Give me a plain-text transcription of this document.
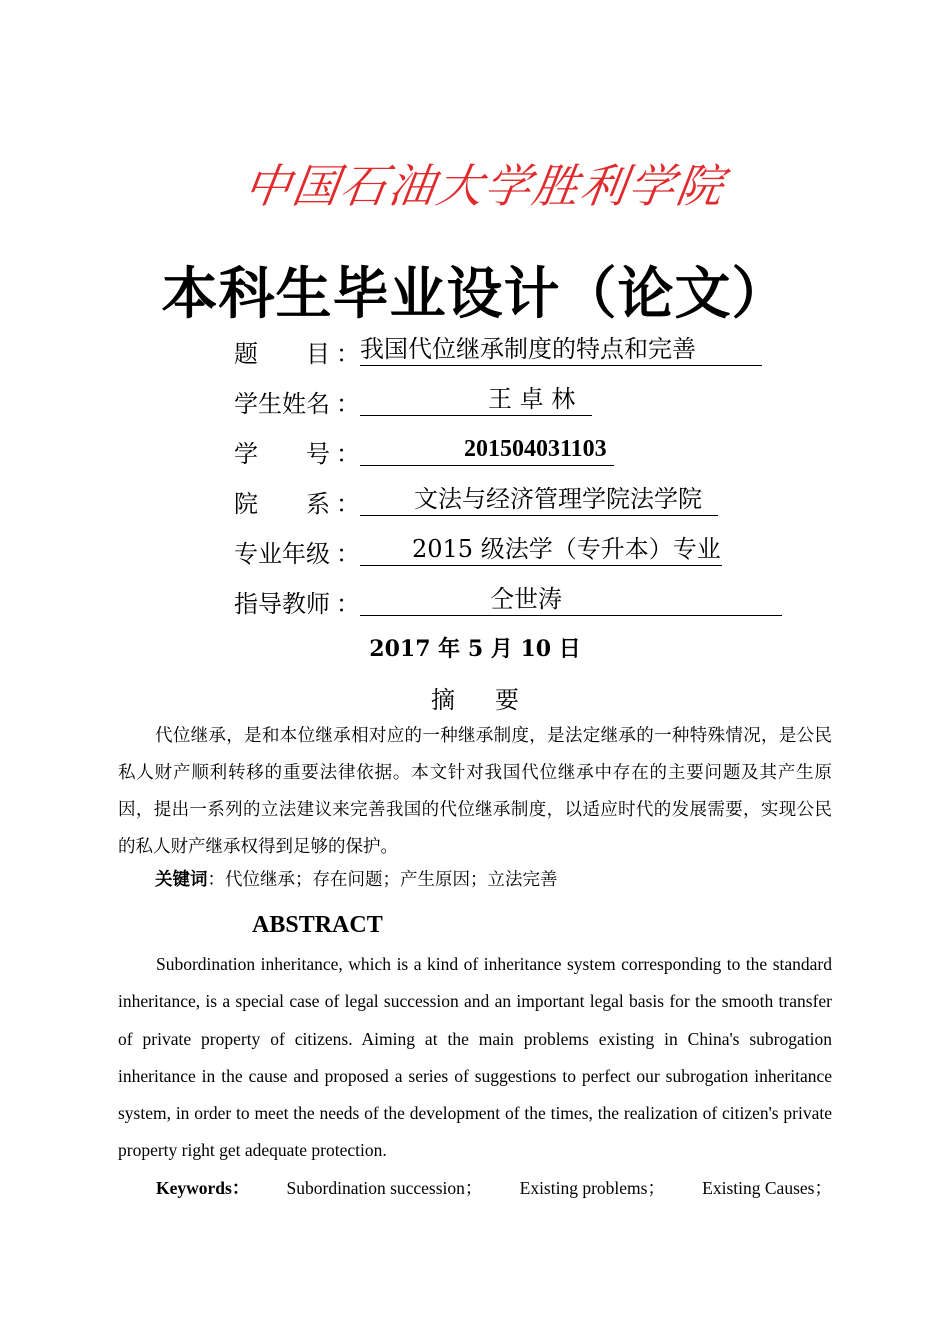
中国石油大学胜利学院
本科生毕业设计（论文）
题　　目 ： 我国代位继承制度的特点和完善
学生姓名 ：	王 卓 林
学　　号 ：	201504031103
院　　系 ： 文法与经济管理学院法学院
专业年级 ： 2015 级法学（专升本）专业
指导教师 ：	仝世涛
2017 年 5 月 10 日
摘要
代位继承，是和本位继承相对应的一种继承制度，是法定继承的一种特殊情况，是公民私人财产顺利转移的重要法律依据。本文针对我国代位继承中存在的主要问题及其产生原因，提出一系列的立法建议来完善我国的代位继承制度，以适应时代的发展需要，实现公民的私人财产继承权得到足够的保护。
关键词：代位继承；存在问题；产生原因；立法完善
ABSTRACT
Subordination inheritance, which is a kind of inheritance system corresponding to the standard inheritance, is a special case of legal succession and an important legal basis for the smooth transfer of private property of citizens. Aiming at the main problems existing in China's subrogation inheritance in the cause and proposed a series of suggestions to perfect our subrogation inheritance system, in order to meet the needs of the development of the times, the realization of citizen's private property right get adequate protection.
Keywords： Subordination succession； Existing problems； Existing Causes；
